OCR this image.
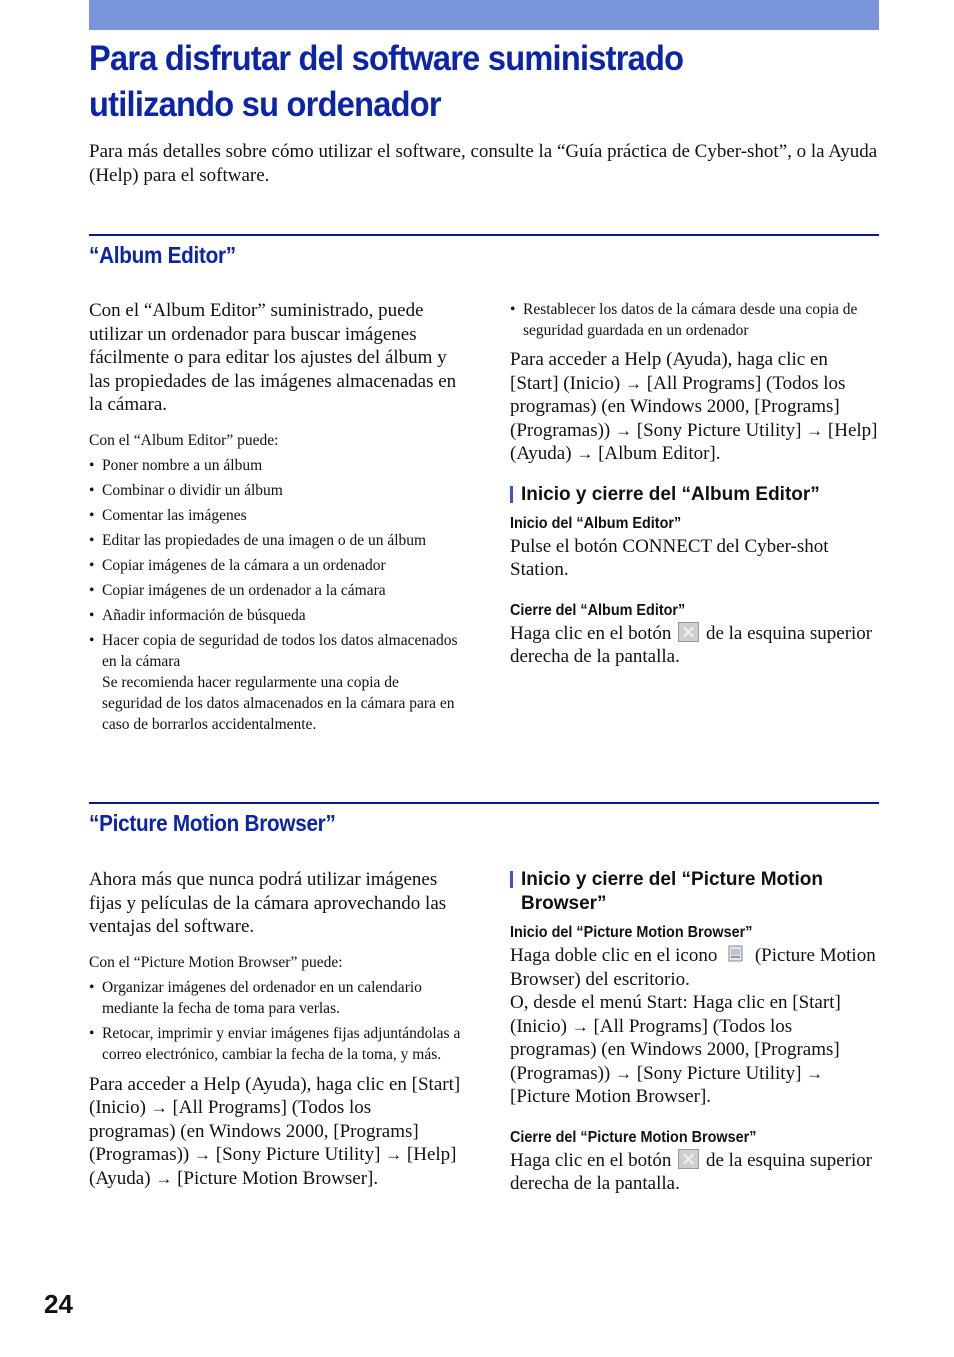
Para disfrutar del software suministrado
utilizando su ordenador

Para más detalles sobre cómo utilizar el software, consulte la “Guía práctica de Cyber-shot”, o la Ayuda (Help) para el software.

“Album Editor”

Con el “Album Editor” suministrado, puede utilizar un ordenador para buscar imágenes fácilmente o para editar los ajustes del álbum y las propiedades de las imágenes almacenadas en la cámara.

Con el “Album Editor” puede:

• Poner nombre a un álbum
• Combinar o dividir un álbum
• Comentar las imágenes
• Editar las propiedades de una imagen o de un álbum
• Copiar imágenes de la cámara a un ordenador
• Copiar imágenes de un ordenador a la cámara
• Añadir información de búsqueda
• Hacer copia de seguridad de todos los datos almacenados en la cámara
Se recomienda hacer regularmente una copia de seguridad de los datos almacenados en la cámara para en caso de borrarlos accidentalmente.
• Restablecer los datos de la cámara desde una copia de seguridad guardada en un ordenador

Para acceder a Help (Ayuda), haga clic en [Start] (Inicio) → [All Programs] (Todos los programas) (en Windows 2000, [Programs] (Programas)) → [Sony Picture Utility] → [Help] (Ayuda) → [Album Editor].

Inicio y cierre del “Album Editor”
Inicio del “Album Editor”

Pulse el botón CONNECT del Cyber-shot Station.

Cierre del “Album Editor”

Haga clic en el botón de la esquina superior derecha de la pantalla.

“Picture Motion Browser”

Ahora más que nunca podrá utilizar imágenes fijas y películas de la cámara aprovechando las ventajas del software.

Con el “Picture Motion Browser” puede:

• Organizar imágenes del ordenador en un calendario mediante la fecha de toma para verlas.
• Retocar, imprimir y enviar imágenes fijas adjuntándolas a correo electrónico, cambiar la fecha de la toma, y más.

Para acceder a Help (Ayuda), haga clic en [Start] (Inicio) → [All Programs] (Todos los programas) (en Windows 2000, [Programs] (Programas)) → [Sony Picture Utility] → [Help] (Ayuda) → [Picture Motion Browser].

Inicio y cierre del “Picture Motion Browser”
Inicio del “Picture Motion Browser”

Haga doble clic en el icono (Picture Motion Browser) del escritorio.
O, desde el menú Start: Haga clic en [Start] (Inicio) → [All Programs] (Todos los programas) (en Windows 2000, [Programs] (Programas)) → [Sony Picture Utility] → [Picture Motion Browser].

Cierre del “Picture Motion Browser”

Haga clic en el botón de la esquina superior derecha de la pantalla.

24
